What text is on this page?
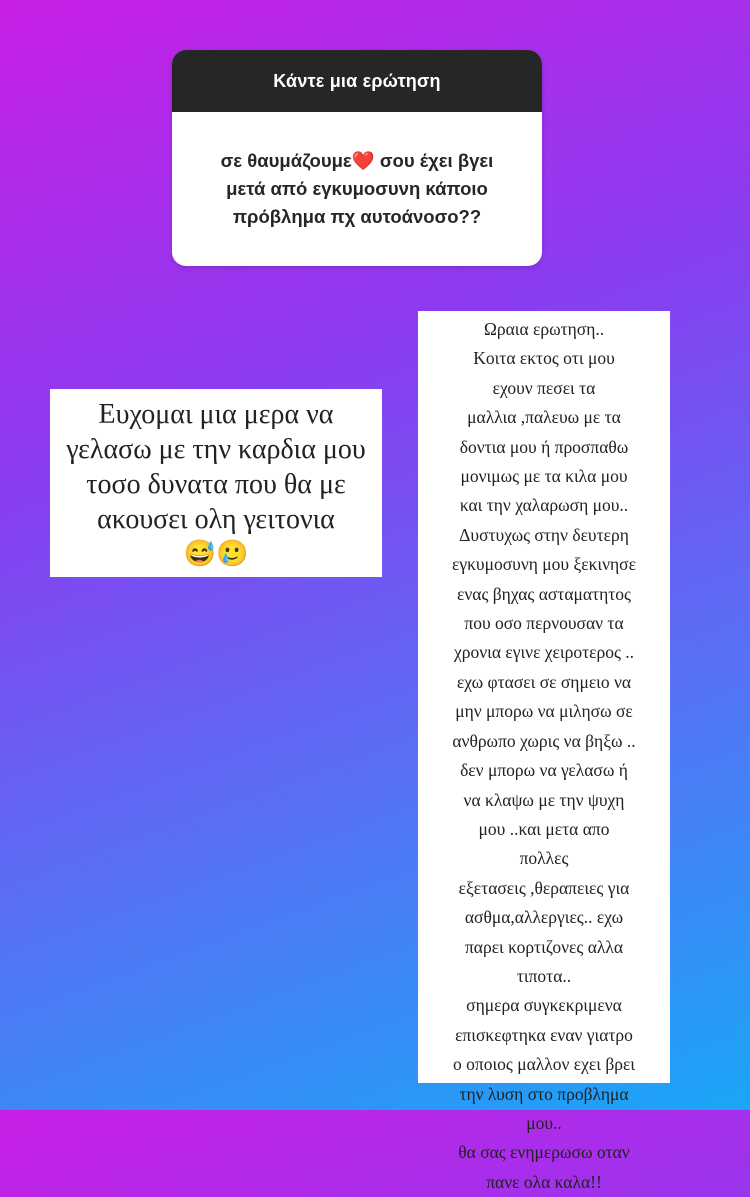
Κάντε μια ερώτηση
σε θαυμάζουμε❤️ σου έχει βγει μετά από εγκυμοσυνη κάποιο πρόβλημα πχ αυτοάνοσο??
Ευχομαι μια μερα να γελασω με την καρδια μου τοσο δυνατα που θα με ακουσει ολη γειτονια
😅🥲
Ωραια ερωτηση..
Κοιτα εκτος οτι μου
εχουν πεσει τα
μαλλια ,παλευω με τα
δοντια μου ή προσπαθω
μονιμως με τα κιλα μου
και την χαλαρωση μου..
Δυστυχως στην δευτερη
εγκυμοσυνη μου ξεκινησε
ενας βηχας ασταματητος
που οσο περνουσαν τα
χρονια εγινε χειροτερος ..
εχω φτασει σε σημειο να
μην μπορω να μιλησω σε
ανθρωπο χωρις να βηξω ..
δεν μπορω να γελασω ή
να κλαψω με την ψυχη
μου ..και μετα απο
πολλες
εξετασεις ,θεραπειες για
ασθμα,αλλεργιες.. εχω
παρει κορτιζονες αλλα
τιποτα..
σημερα συγκεκριμενα
επισκεφτηκα εναν γιατρο
ο οποιος μαλλον εχει βρει
την λυση στο προβλημα
μου..
θα σας ενημερωσω οταν
πανε ολα καλα!!
